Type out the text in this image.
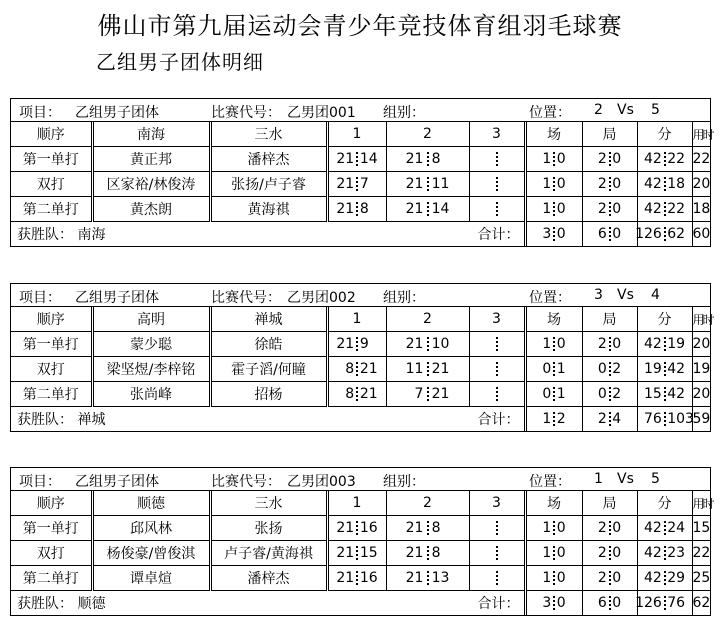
佛山市第九届运动会青少年竞技体育组羽毛球赛
乙组男子团体明细
项目： 乙组男子团体	比赛代号： 乙男团001 组别：	位置： 2 Vs 5
顺序	南海	三水	1	2	3	场	局	分	用时
第一单打	黄正邦	潘梓杰	21 14	21 8		1 0	2 0	42 22	22
双打	区家裕/林俊涛	张扬/卢子睿	21 7	21 11		1 0	2 0	42 18	20
第二单打	黄杰朗	黄海祺	21 8	21 14		1 0	2 0	42 22	18
获胜队： 南海			合计：			3 0	6 0	126 62	60
项目： 乙组男子团体	比赛代号： 乙男团002 组别：	位置： 3 Vs 4
顺序	高明	禅城	1	2	3	场	局	分	用时
第一单打	蒙少聪	徐皓	21 9	21 10		1 0	2 0	42 19	20
双打	梁坚煜/李梓铭	霍子滔/何瞳	8 21	11 21		0 1	0 2	19 42	19
第二单打	张尚峰	招杨	8 21	7 21		0 1	0 2	15 42	20
获胜队： 禅城			合计：			1 2	2 4	76 103	59
项目： 乙组男子团体	比赛代号： 乙男团003 组别：	位置： 1 Vs 5
顺序	顺德	三水	1	2	3	场	局	分	用时
第一单打	邱风林	张扬	21 16	21 8		1 0	2 0	42 24	15
双打	杨俊豪/曾俊淇	卢子睿/黄海祺	21 15	21 8		1 0	2 0	42 23	22
第二单打	谭卓煊	潘梓杰	21 16	21 13		1 0	2 0	42 29	25
获胜队： 顺德			合计：			3 0	6 0	126 76	62
